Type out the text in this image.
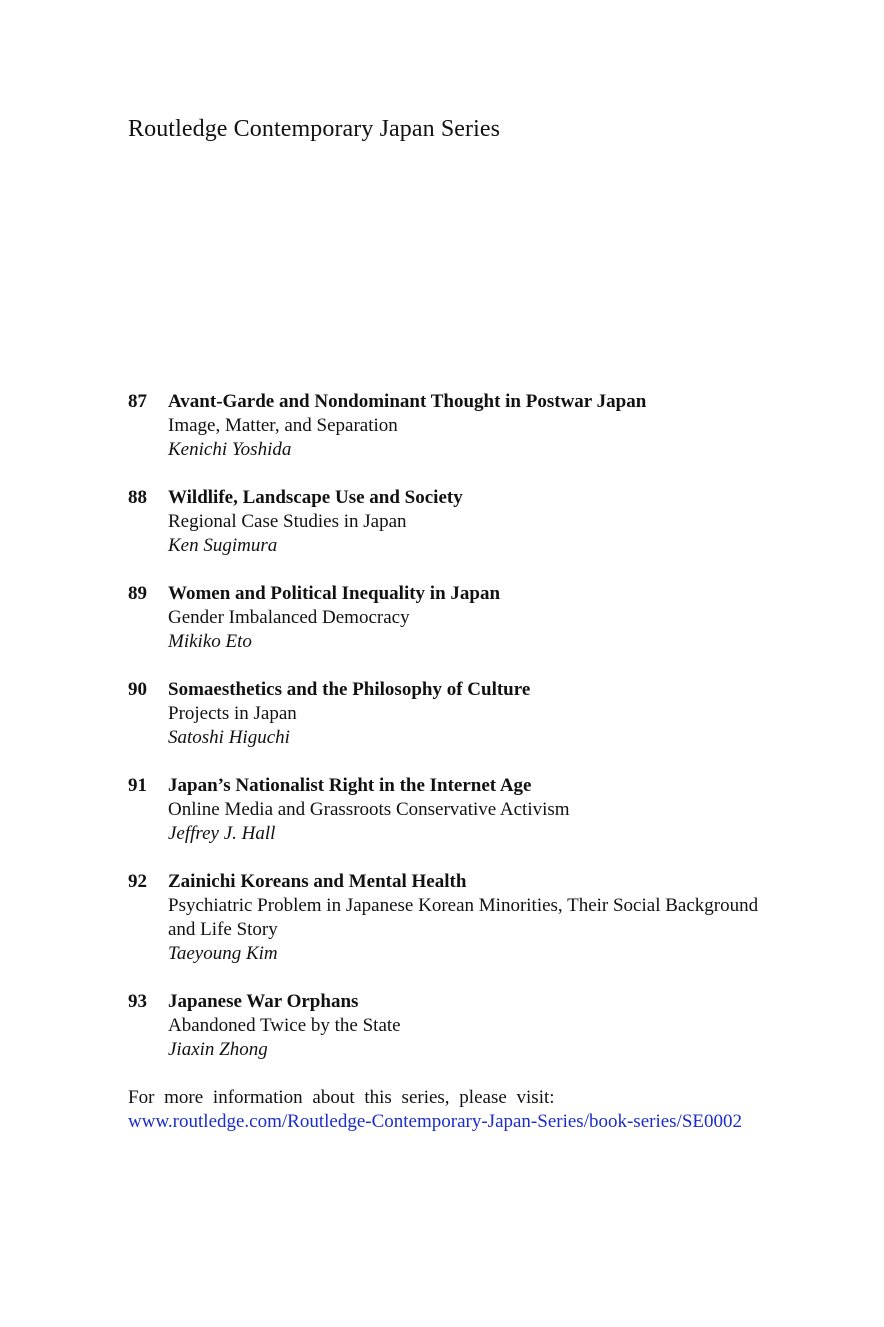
Routledge Contemporary Japan Series
87 Avant-Garde and Nondominant Thought in Postwar Japan
Image, Matter, and Separation
Kenichi Yoshida
88 Wildlife, Landscape Use and Society
Regional Case Studies in Japan
Ken Sugimura
89 Women and Political Inequality in Japan
Gender Imbalanced Democracy
Mikiko Eto
90 Somaesthetics and the Philosophy of Culture
Projects in Japan
Satoshi Higuchi
91 Japan’s Nationalist Right in the Internet Age
Online Media and Grassroots Conservative Activism
Jeffrey J. Hall
92 Zainichi Koreans and Mental Health
Psychiatric Problem in Japanese Korean Minorities, Their Social Background and Life Story
Taeyoung Kim
93 Japanese War Orphans
Abandoned Twice by the State
Jiaxin Zhong

For more information about this series, please visit: www.routledge.com/Routledge-Contemporary-Japan-Series/book-series/SE0002
